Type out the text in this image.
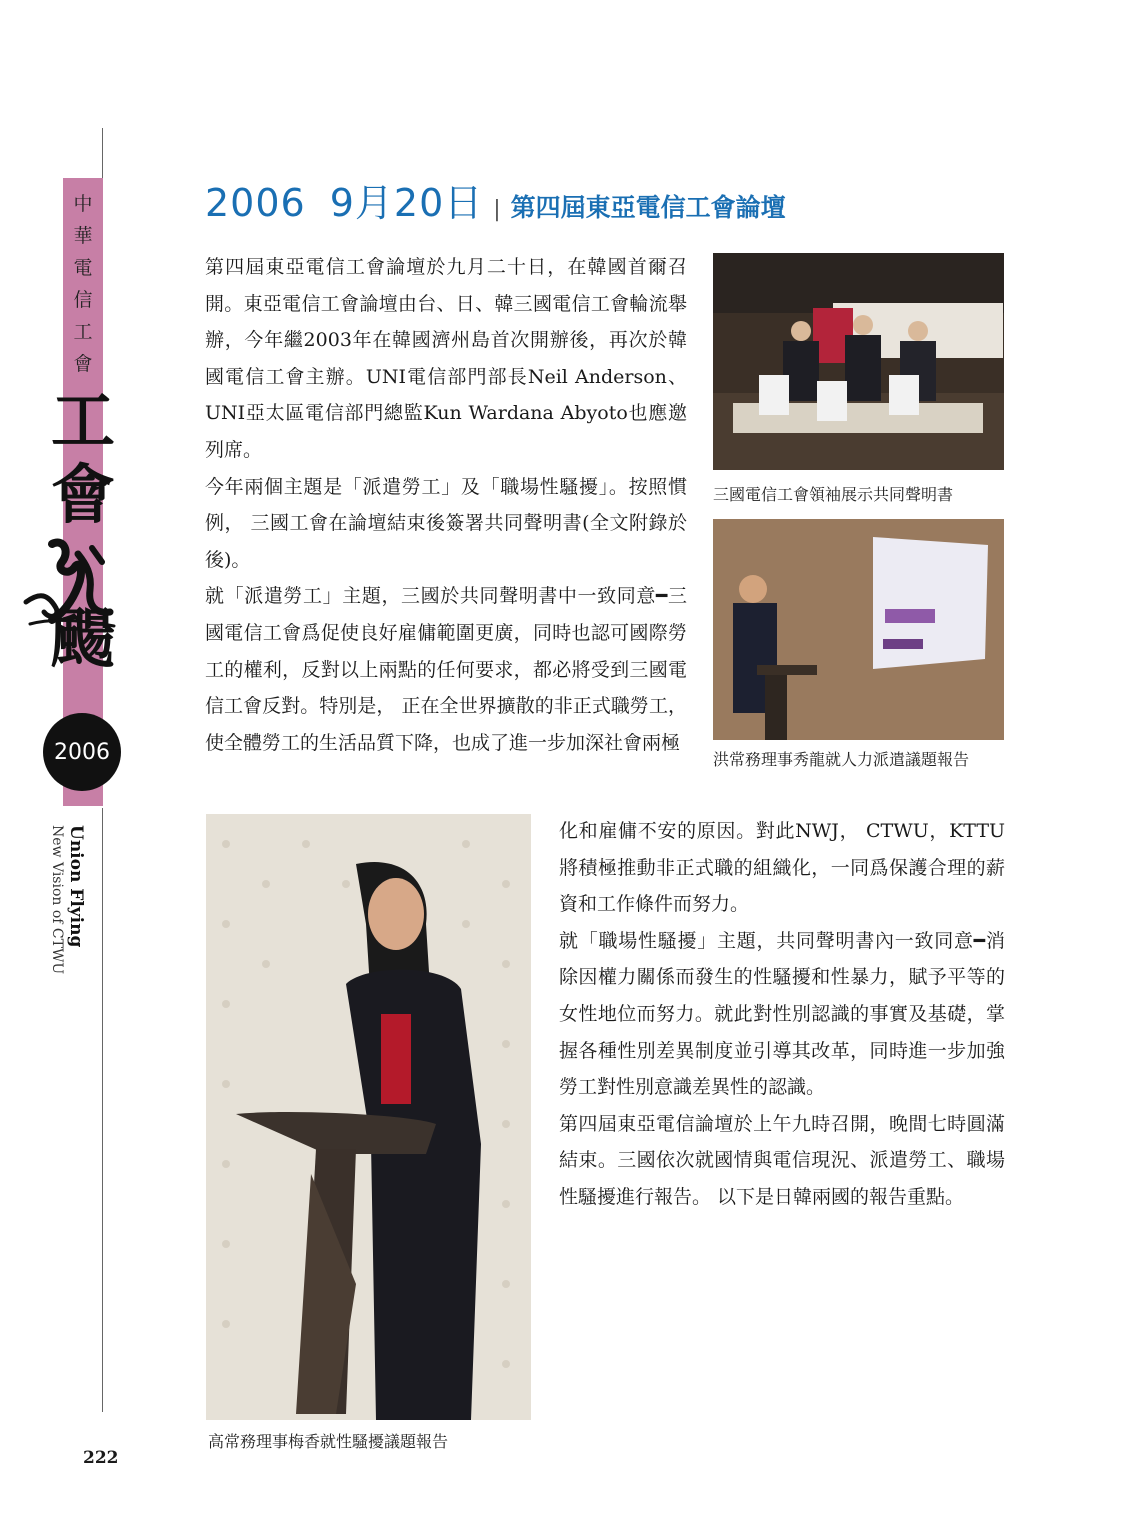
中
華
電
信
工
會
工
會
颺
2006
Union Flying
New Vision of CTWU
222
2006 9月20日 | 第四屆東亞電信工會論壇

第四屆東亞電信工會論壇於九月二十日，在韓國首爾召開。東亞電信工會論壇由台、日、韓三國電信工會輪流舉辦，今年繼2003年在韓國濟州島首次開辦後，再次於韓國電信工會主辦。UNI電信部門部長Neil Anderson、UNI亞太區電信部門總監Kun Wardana Abyoto也應邀列席。

今年兩個主題是「派遣勞工」及「職場性騷擾」。按照慣例， 三國工會在論壇結束後簽署共同聲明書(全文附錄於後)。

就「派遣勞工」主題，三國於共同聲明書中一致同意━三國電信工會爲促使良好雇傭範圍更廣，同時也認可國際勞工的權利，反對以上兩點的任何要求，都必將受到三國電信工會反對。特別是， 正在全世界擴散的非正式職勞工， 使全體勞工的生活品質下降，也成了進一步加深社會兩極

化和雇傭不安的原因。對此NWJ， CTWU，KTTU將積極推動非正式職的組織化，一同爲保護合理的薪資和工作條件而努力。

就「職場性騷擾」主題，共同聲明書內一致同意━消除因權力關係而發生的性騷擾和性暴力，賦予平等的女性地位而努力。就此對性別認識的事實及基礎，掌握各種性別差異制度並引導其改革，同時進一步加強勞工對性別意識差異性的認識。

第四屆東亞電信論壇於上午九時召開，晚間七時圓滿結束。三國依次就國情與電信現況、派遣勞工、職場性騷擾進行報告。 以下是日韓兩國的報告重點。

三國電信工會領袖展示共同聲明書
洪常務理事秀龍就人力派遣議題報告
高常務理事梅香就性騷擾議題報告
